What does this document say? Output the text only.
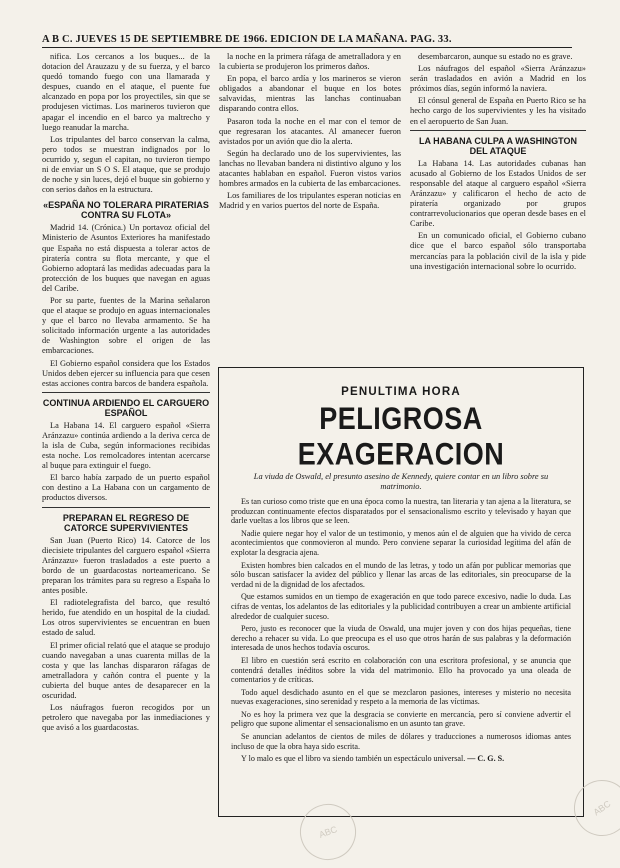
A B C. JUEVES 15 DE SEPTIEMBRE DE 1966. EDICION DE LA MAÑANA. PAG. 33.

nifica. Los cercanos a los buques... de la dotacion del Arauzazu y de su fuerza, y el barco quedó tomando fuego con una llamarada y despues, cuando en el ataque, el puente fue alcanzado en popa por los proyectiles, sin que se produjesen victimas. Los marineros tuvieron que apagar el incendio en el barco ya maltrecho y luego reanudar la marcha.

Los tripulantes del barco conservan la calma, pero todos se muestran indignados por lo ocurrido y, segun el capitan, no tuvieron tiempo ni de enviar un S O S. El ataque, que se produjo de noche y sin luces, dejó el buque sin gobierno y con serios daños en la estructura.

«ESPAÑA NO TOLERARA PIRATERIAS CONTRA SU FLOTA»

Madrid 14. (Crónica.) Un portavoz oficial del Ministerio de Asuntos Exteriores ha manifestado que España no está dispuesta a tolerar actos de piratería contra su flota mercante, y que el Gobierno adoptará las medidas adecuadas para la protección de los buques que navegan en aguas del Caribe.

Por su parte, fuentes de la Marina señalaron que el ataque se produjo en aguas internacionales y que el barco no llevaba armamento. Se ha solicitado información urgente a las autoridades de Washington sobre el origen de las embarcaciones.

El Gobierno español considera que los Estados Unidos deben ejercer su influencia para que cesen estas acciones contra barcos de bandera española.

CONTINUA ARDIENDO EL CARGUERO ESPAÑOL

La Habana 14. El carguero español «Sierra Aránzazu» continúa ardiendo a la deriva cerca de la isla de Cuba, según informaciones recibidas esta noche. Los remolcadores intentan acercarse al buque para extinguir el fuego.

El barco había zarpado de un puerto español con destino a La Habana con un cargamento de productos diversos.

PREPARAN EL REGRESO DE CATORCE SUPERVIVIENTES

San Juan (Puerto Rico) 14. Catorce de los diecisiete tripulantes del carguero español «Sierra Aránzazu» fueron trasladados a este puerto a bordo de un guardacostas norteamericano. Se preparan los trámites para su regreso a España lo antes posible.

El radiotelegrafista del barco, que resultó herido, fue atendido en un hospital de la ciudad. Los otros supervivientes se encuentran en buen estado de salud.

El primer oficial relató que el ataque se produjo cuando navegaban a unas cuarenta millas de la costa y que las lanchas dispararon ráfagas de ametralladora y cañón contra el puente y la cubierta del buque antes de desaparecer en la oscuridad.

Los náufragos fueron recogidos por un petrolero que navegaba por las inmediaciones y que avisó a los guardacostas.

la noche en la primera ráfaga de ametralladora y en la cubierta se produjeron los primeros daños.

En popa, el barco ardía y los marineros se vieron obligados a abandonar el buque en los botes salvavidas, mientras las lanchas continuaban disparando contra ellos.

Pasaron toda la noche en el mar con el temor de que regresaran los atacantes. Al amanecer fueron avistados por un avión que dio la alerta.

Según ha declarado uno de los supervivientes, las lanchas no llevaban bandera ni distintivo alguno y los atacantes hablaban en español. Fueron vistos varios hombres armados en la cubierta de las embarcaciones.

Los familiares de los tripulantes esperan noticias en Madrid y en varios puertos del norte de España.

desembarcaron, aunque su estado no es grave.

Los náufragos del español «Sierra Aránzazu» serán trasladados en avión a Madrid en los próximos días, según informó la naviera.

El cónsul general de España en Puerto Rico se ha hecho cargo de los supervivientes y les ha visitado en el aeropuerto de San Juan.

LA HABANA CULPA A WASHINGTON DEL ATAQUE

La Habana 14. Las autoridades cubanas han acusado al Gobierno de los Estados Unidos de ser responsable del ataque al carguero español «Sierra Aránzazu» y calificaron el hecho de acto de piratería organizado por grupos contrarrevolucionarios que operan desde bases en el Caribe.

En un comunicado oficial, el Gobierno cubano dice que el barco español sólo transportaba mercancías para la población civil de la isla y pide una investigación internacional sobre lo ocurrido.

PENULTIMA HORA
PELIGROSA EXAGERACION
La viuda de Oswald, el presunto asesino de Kennedy, quiere contar en un libro sobre su matrimonio.

Es tan curioso como triste que en una época como la nuestra, tan literaria y tan ajena a la literatura, se produzcan continuamente efectos disparatados por el sensacionalismo escrito y televisado y hayan que darle vueltas a los libros que se leen.

Nadie quiere negar hoy el valor de un testimonio, y menos aún el de alguien que ha vivido de cerca acontecimientos que conmovieron al mundo. Pero conviene separar la curiosidad legítima del afán de explotar la desgracia ajena.

Existen hombres bien calcados en el mundo de las letras, y todo un afán por publicar memorias que sólo buscan satisfacer la avidez del público y llenar las arcas de las editoriales, sin preocuparse de la verdad ni de la dignidad de los afectados.

Que estamos sumidos en un tiempo de exageración en que todo parece excesivo, nadie lo duda. Las cifras de ventas, los adelantos de las editoriales y la publicidad contribuyen a crear un ambiente artificial alrededor de cualquier suceso.

Pero, justo es reconocer que la viuda de Oswald, una mujer joven y con dos hijas pequeñas, tiene derecho a rehacer su vida. Lo que preocupa es el uso que otros harán de sus palabras y la deformación interesada de unos hechos todavía oscuros.

El libro en cuestión será escrito en colaboración con una escritora profesional, y se anuncia que contendrá detalles inéditos sobre la vida del matrimonio. Ello ha provocado ya una oleada de comentarios y de críticas.

Todo aquel desdichado asunto en el que se mezclaron pasiones, intereses y misterio no necesita nuevas exageraciones, sino serenidad y respeto a la memoria de las víctimas.

No es hoy la primera vez que la desgracia se convierte en mercancía, pero sí conviene advertir el peligro que supone alimentar el sensacionalismo en un asunto tan grave.

Se anuncian adelantos de cientos de miles de dólares y traducciones a numerosos idiomas antes incluso de que la obra haya sido escrita.

Y lo malo es que el libro va siendo también un espectáculo universal. — C. G. S.

ABC
ABC
